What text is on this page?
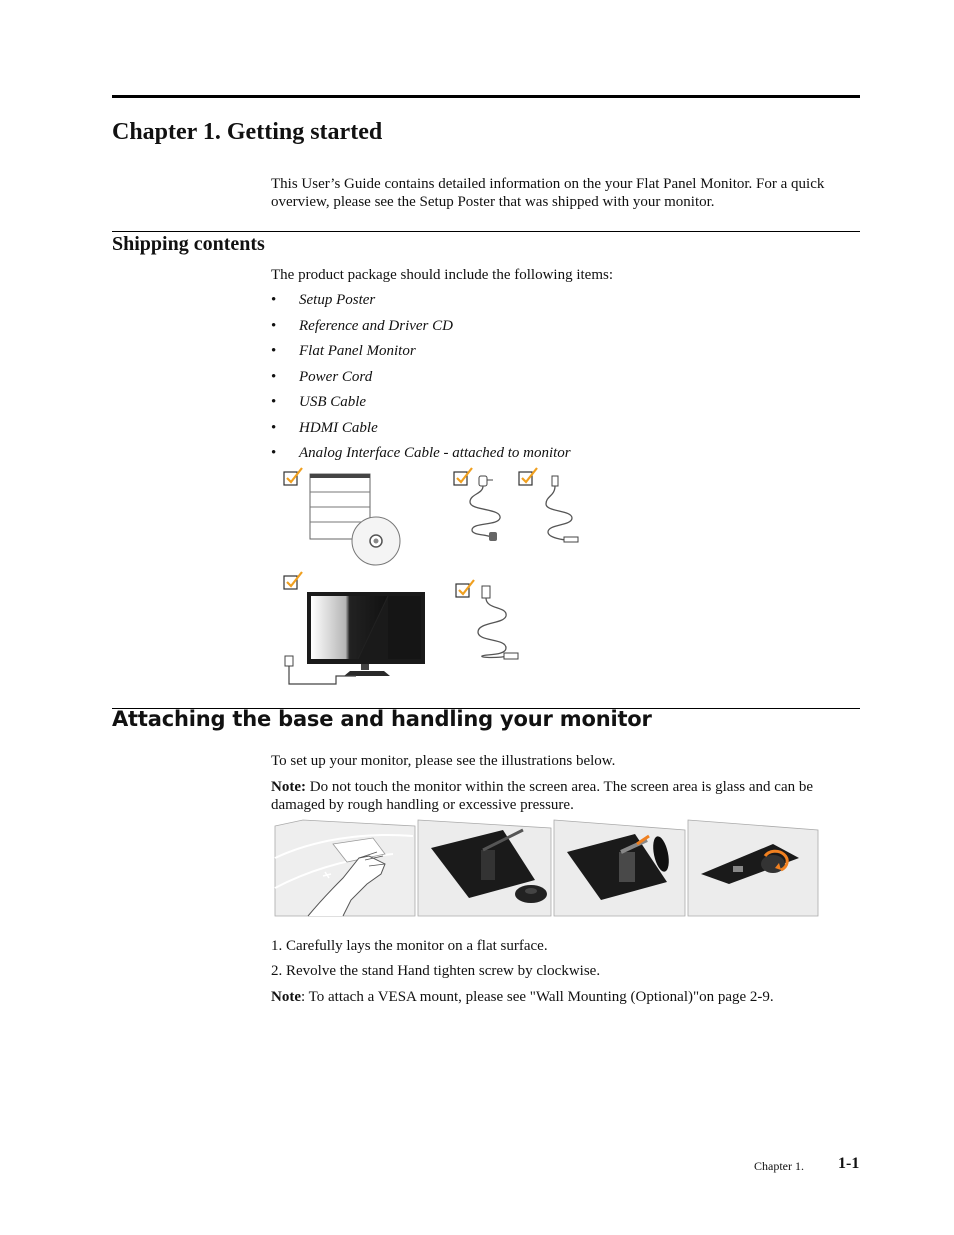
Chapter 1. Getting started

This User’s Guide contains detailed information on the your Flat Panel Monitor. For a quick overview, please see the Setup Poster that was shipped with your monitor.

Shipping contents

The product package should include the following items:

• Setup Poster
• Reference and Driver CD
• Flat Panel Monitor
• Power Cord
• USB Cable
• HDMI Cable
• Analog Interface Cable - attached to monitor
Attaching the base and handling your monitor

To set up your monitor, please see the illustrations below.

Note: Do not touch the monitor within the screen area. The screen area is glass and can be damaged by rough handling or excessive pressure.

1. Carefully lays the monitor on a flat surface.

2. Revolve the stand Hand tighten screw by clockwise.

Note: To attach a VESA mount, please see "Wall Mounting (Optional)"on page 2-9.

Chapter 1. 1-1
